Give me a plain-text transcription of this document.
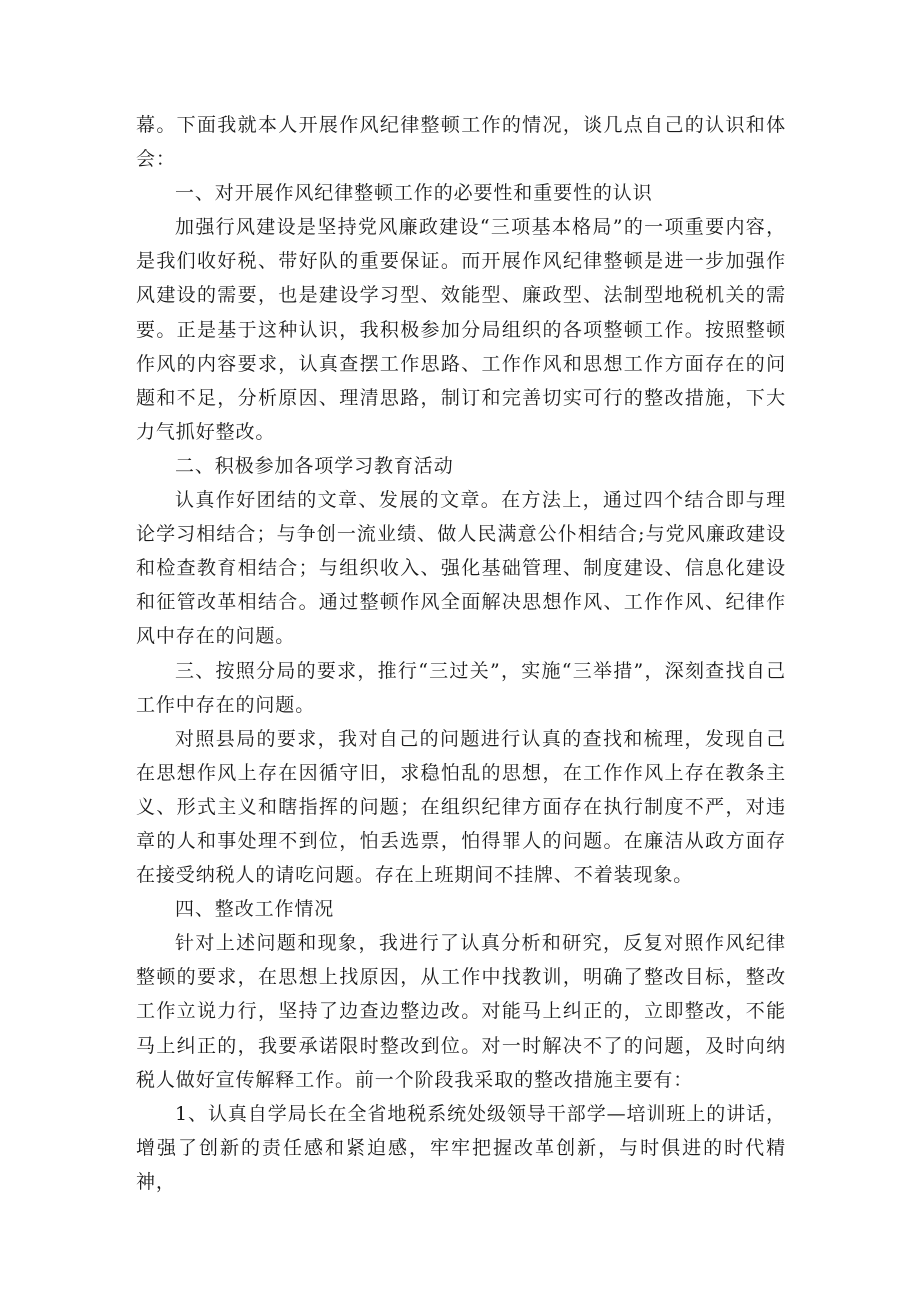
幕。下面我就本人开展作风纪律整顿工作的情况，谈几点自己的认识和体会：

一、对开展作风纪律整顿工作的必要性和重要性的认识

加强行风建设是坚持党风廉政建设“三项基本格局”的一项重要内容，是我们收好税、带好队的重要保证。而开展作风纪律整顿是进一步加强作风建设的需要，也是建设学习型、效能型、廉政型、法制型地税机关的需要。正是基于这种认识，我积极参加分局组织的各项整顿工作。按照整顿作风的内容要求，认真查摆工作思路、工作作风和思想工作方面存在的问题和不足，分析原因、理清思路，制订和完善切实可行的整改措施，下大力气抓好整改。

二、积极参加各项学习教育活动

认真作好团结的文章、发展的文章。在方法上，通过四个结合即与理论学习相结合；与争创一流业绩、做人民满意公仆相结合;与党风廉政建设和检查教育相结合；与组织收入、强化基础管理、制度建设、信息化建设和征管改革相结合。通过整顿作风全面解决思想作风、工作作风、纪律作风中存在的问题。

三、按照分局的要求，推行“三过关”，实施“三举措”，深刻查找自己工作中存在的问题。

对照县局的要求，我对自己的问题进行认真的查找和梳理，发现自己在思想作风上存在因循守旧，求稳怕乱的思想，在工作作风上存在教条主义、形式主义和瞎指挥的问题；在组织纪律方面存在执行制度不严，对违章的人和事处理不到位，怕丢选票，怕得罪人的问题。在廉洁从政方面存在接受纳税人的请吃问题。存在上班期间不挂牌、不着装现象。

四、整改工作情况

针对上述问题和现象，我进行了认真分析和研究，反复对照作风纪律整顿的要求，在思想上找原因，从工作中找教训，明确了整改目标，整改工作立说力行，坚持了边查边整边改。对能马上纠正的，立即整改，不能马上纠正的，我要承诺限时整改到位。对一时解决不了的问题，及时向纳税人做好宣传解释工作。前一个阶段我采取的整改措施主要有：

1、认真自学局长在全省地税系统处级领导干部学—培训班上的讲话，增强了创新的责任感和紧迫感，牢牢把握改革创新，与时俱进的时代精神，
